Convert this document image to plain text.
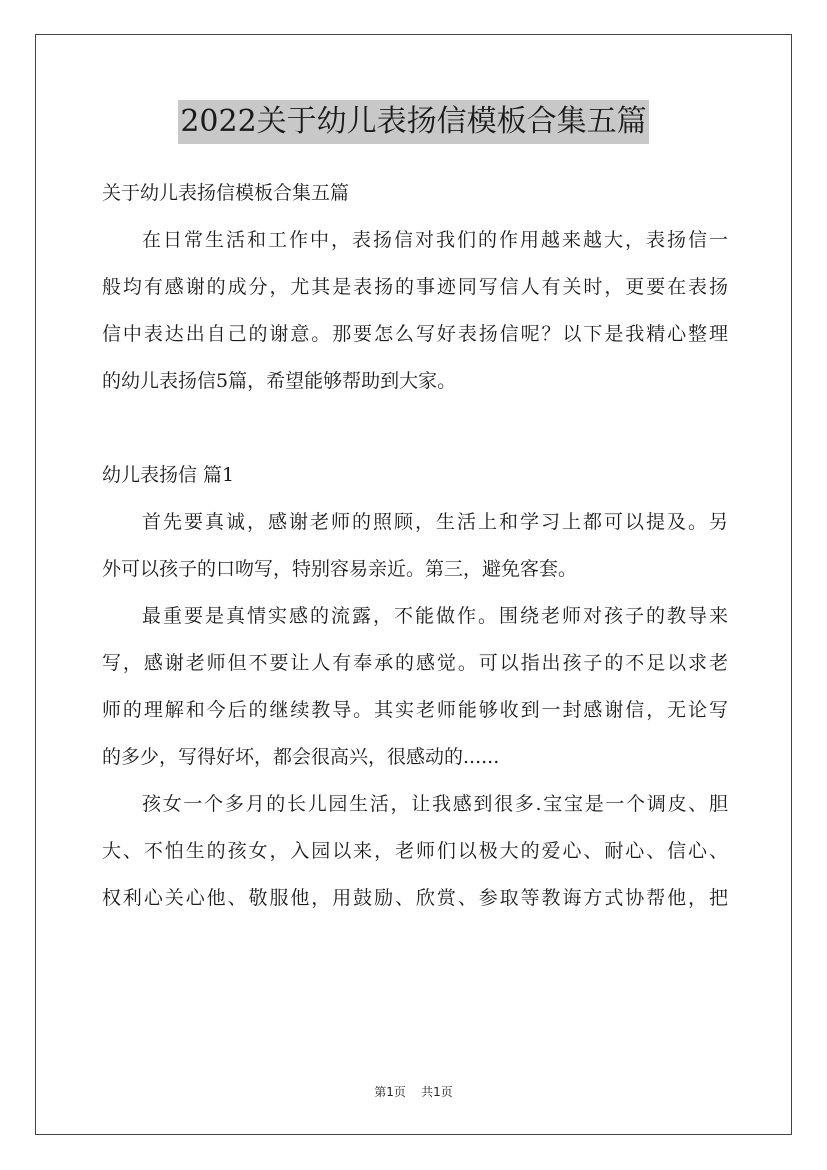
2022关于幼儿表扬信模板合集五篇
关于幼儿表扬信模板合集五篇
在日常生活和工作中，表扬信对我们的作用越来越大，表扬信一
般均有感谢的成分，尤其是表扬的事迹同写信人有关时，更要在表扬
信中表达出自己的谢意。那要怎么写好表扬信呢？以下是我精心整理
的幼儿表扬信5篇，希望能够帮助到大家。
幼儿表扬信 篇1
首先要真诚，感谢老师的照顾，生活上和学习上都可以提及。另
外可以孩子的口吻写，特别容易亲近。第三，避免客套。
最重要是真情实感的流露，不能做作。围绕老师对孩子的教导来
写，感谢老师但不要让人有奉承的感觉。可以指出孩子的不足以求老
师的理解和今后的继续教导。其实老师能够收到一封感谢信，无论写
的多少，写得好坏，都会很高兴，很感动的......
孩女一个多月的长儿园生活，让我感到很多.宝宝是一个调皮、胆
大、不怕生的孩女，入园以来，老师们以极大的爱心、耐心、信心、
权利心关心他、敬服他，用鼓励、欣赏、参取等教诲方式协帮他，把
第1页 共1页
